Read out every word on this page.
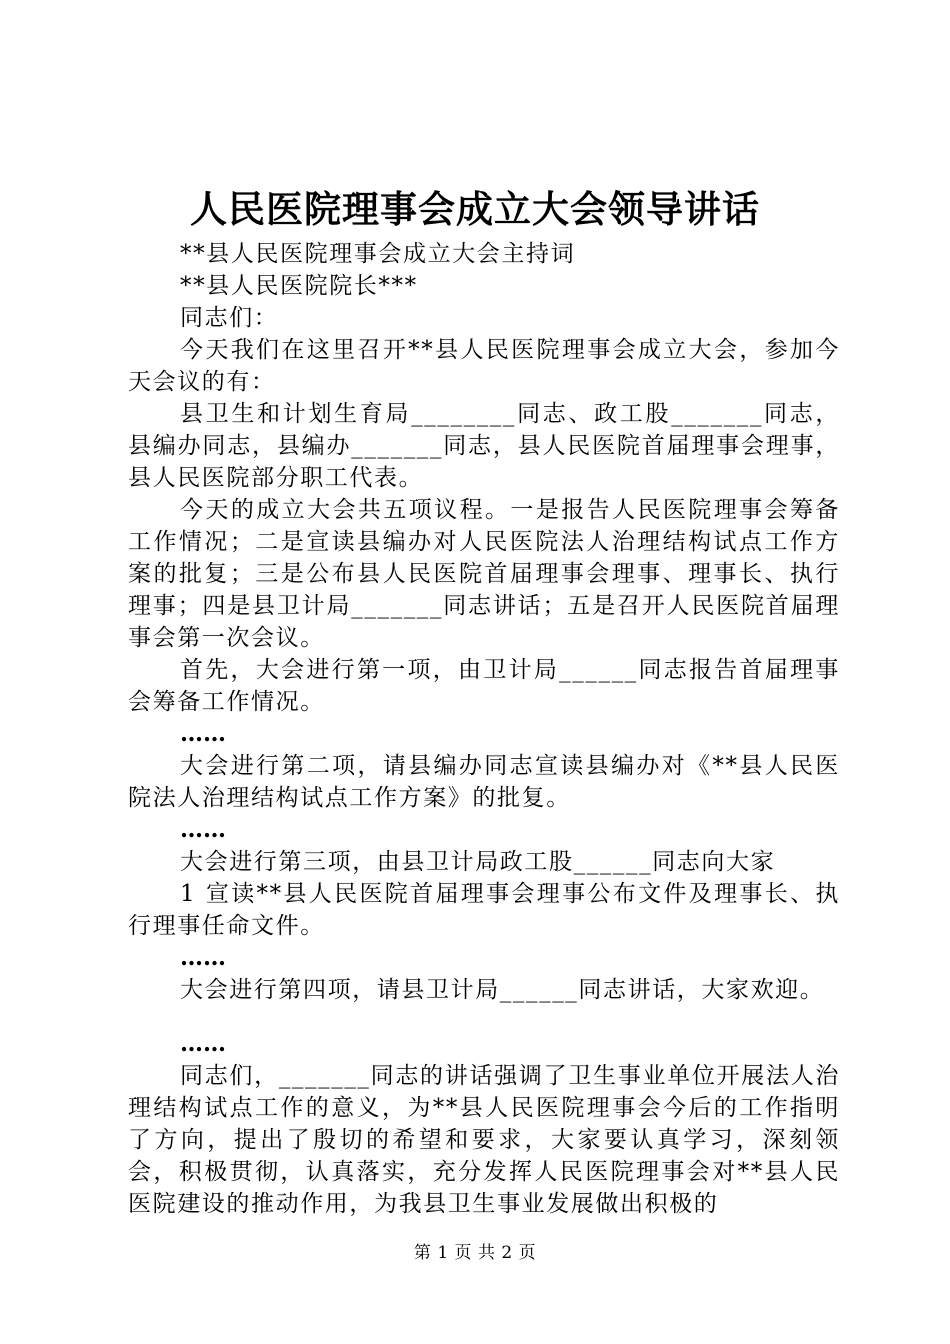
人民医院理事会成立大会领导讲话

**县人民医院理事会成立大会主持词

**县人民医院院长***

同志们：

今天我们在这里召开**县人民医院理事会成立大会，参加今天会议的有：

县卫生和计划生育局________同志、政工股_______同志，县编办同志，县编办_______同志，县人民医院首届理事会理事，县人民医院部分职工代表。

今天的成立大会共五项议程。一是报告人民医院理事会筹备工作情况；二是宣读县编办对人民医院法人治理结构试点工作方案的批复；三是公布县人民医院首届理事会理事、理事长、执行理事；四是县卫计局_______同志讲话；五是召开人民医院首届理事会第一次会议。

首先，大会进行第一项，由卫计局______同志报告首届理事会筹备工作情况。

……

大会进行第二项，请县编办同志宣读县编办对《**县人民医院法人治理结构试点工作方案》的批复。

……

大会进行第三项，由县卫计局政工股______同志向大家

1 宣读**县人民医院首届理事会理事公布文件及理事长、执行理事任命文件。

……

大会进行第四项，请县卫计局______同志讲话，大家欢迎。

……

同志们，_______同志的讲话强调了卫生事业单位开展法人治理结构试点工作的意义，为**县人民医院理事会今后的工作指明了方向，提出了殷切的希望和要求，大家要认真学习，深刻领会，积极贯彻，认真落实，充分发挥人民医院理事会对**县人民医院建设的推动作用，为我县卫生事业发展做出积极的

第 1 页 共 2 页
